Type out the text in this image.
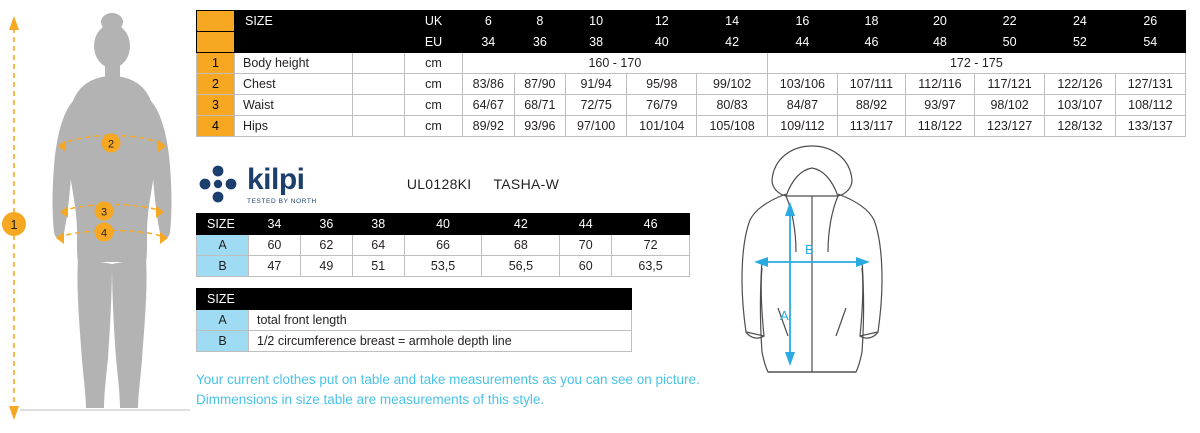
1
2
3
4
	SIZE		UK	6	8	10	12	14	16	18	20	22	24	26
			EU	34	36	38	40	42	44	46	48	50	52	54
1	Body height		cm	160 - 170					172 - 175					
2	Chest		cm	83/86	87/90	91/94	95/98	99/102	103/106	107/111	112/116	117/121	122/126	127/131
3	Waist		cm	64/67	68/71	72/75	76/79	80/83	84/87	88/92	93/97	98/102	103/107	108/112
4	Hips		cm	89/92	93/96	97/100	101/104	105/108	109/112	113/117	118/122	123/127	128/132	133/137
kilpi
TESTED BY NORTH
UL0128KI TASHA-W
SIZE	34	36	38	40	42	44	46
A	60	62	64	66	68	70	72
B	47	49	51	53,5	56,5	60	63,5
SIZE	
A	total front length
B	1/2 circumference breast = armhole depth line
Your current clothes put on table and take measurements as you can see on picture.
Dimmensions in size table are measurements of this style.
A
B
